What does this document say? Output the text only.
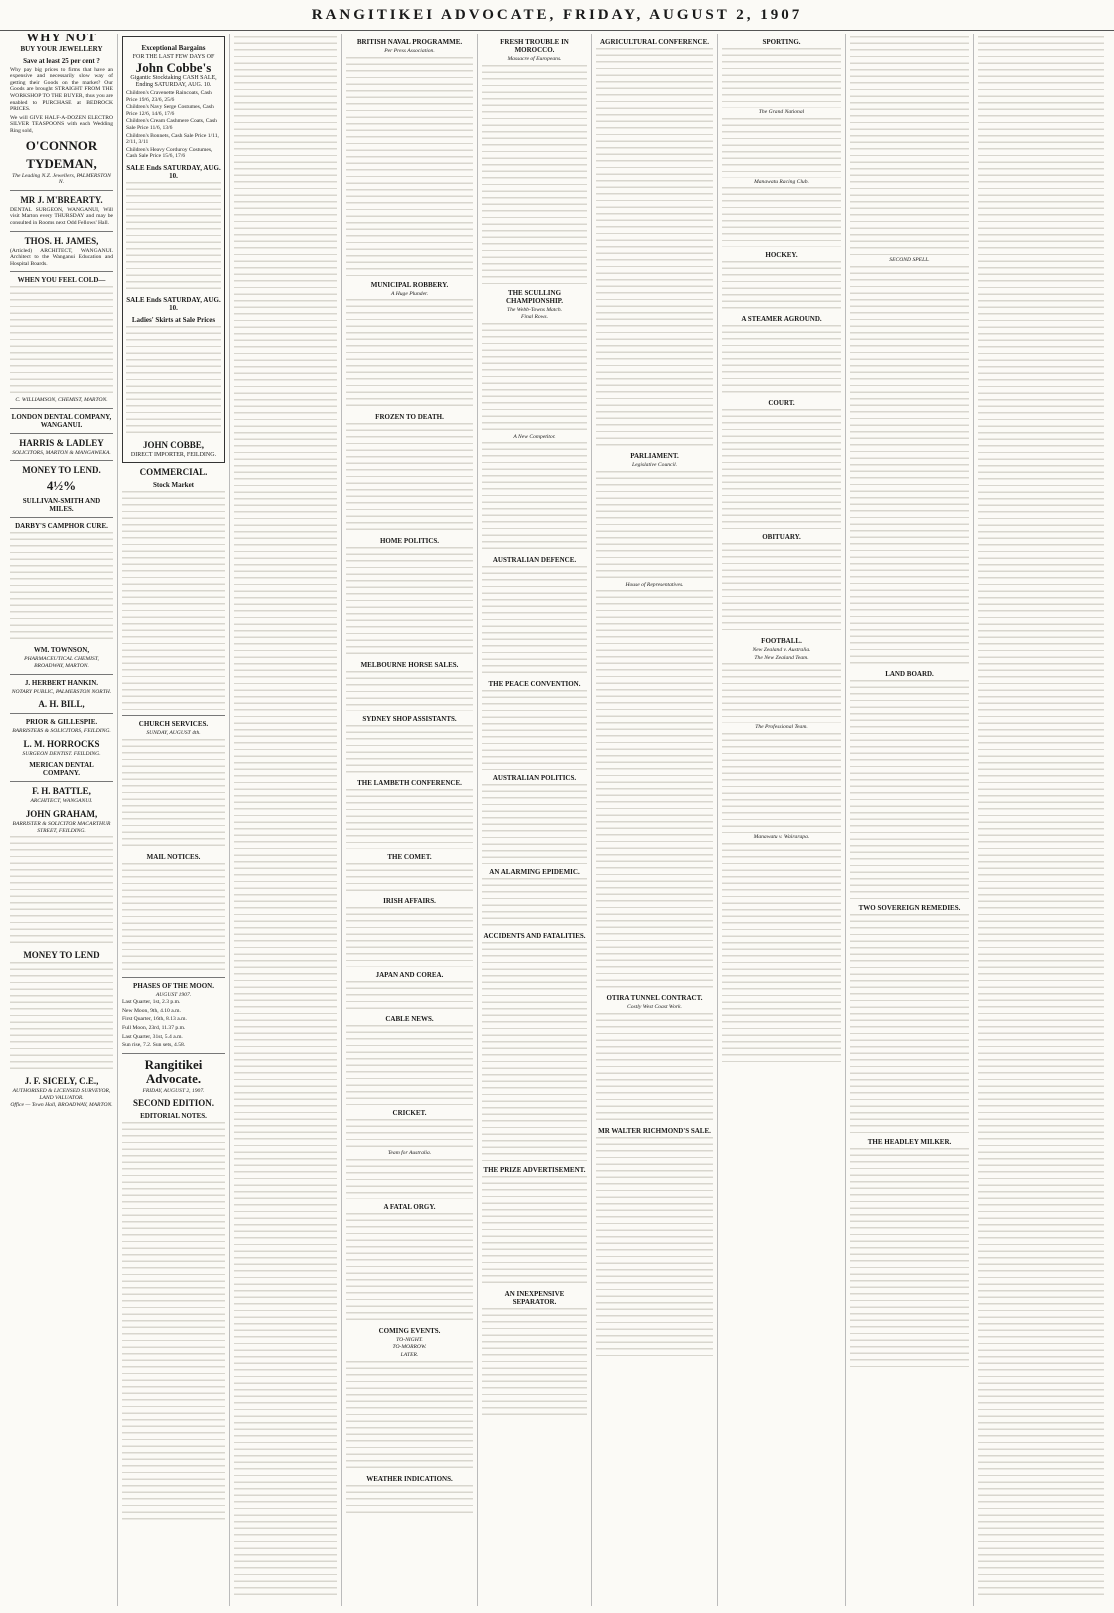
RANGITIKEI ADVOCATE, FRIDAY, AUGUST 2, 1907
WHY NOT
BUY YOUR JEWELLERY
Save at least 25 per cent ?
Why pay big prices to firms that have an expensive and necessarily slow way of getting their Goods on the market? Our Goods are brought STRAIGHT FROM THE WORKSHOP TO THE BUYER, thus you are enabled to PURCHASE at BEDROCK PRICES.
We will GIVE HALF-A-DOZEN ELECTRO SILVER TEASPOONS with each Wedding Ring sold,
O'CONNOR
TYDEMAN,
The Leading N.Z. Jewellers, PALMERSTON N.
MR J. M'BREARTY.
DENTAL SURGEON, WANGANUI, Will visit Marton every THURSDAY and may be consulted in Rooms next Odd Fellows' Hall.
THOS. H. JAMES,
(Articled) ARCHITECT, WANGANUI. Architect to the Wanganui Education and Hospital Boards.
WHEN YOU FEEL COLD—
C. WILLIAMSON, CHEMIST, MARTON.
LONDON DENTAL COMPANY, WANGANUI.
HARRIS & LADLEY
SOLICITORS, MARTON & MANGAWEKA.
MONEY TO LEND.
4½%
SULLIVAN-SMITH AND MILES.
DARBY'S CAMPHOR CURE.
WM. TOWNSON,
PHARMACEUTICAL CHEMIST, BROADWAY, MARTON.
J. HERBERT HANKIN.
NOTARY PUBLIC, PALMERSTON NORTH.
A. H. BILL,
PRIOR & GILLESPIE.
BARRISTERS & SOLICITORS, FEILDING.
L. M. HORROCKS
SURGEON DENTIST. FEILDING.
MERICAN DENTAL COMPANY.
F. H. BATTLE,
ARCHITECT, WANGANUI.
JOHN GRAHAM,
BARRISTER & SOLICITOR MACARTHUR STREET, FEILDING.
MONEY TO LEND
J. F. SICELY, C.E.,
AUTHORISED & LICENSED SURVEYOR, LAND VALUATOR.
Office — Town Hall, BROADWAY, MARTON.
Exceptional Bargains
FOR THE LAST FEW DAYS OF
John Cobbe's
Gigantic Stocktaking CASH SALE,
Ending SATURDAY, AUG. 10.
Children's Cravenette Raincoats, Cash Price 19/6, 23/6, 25/6
Children's Navy Serge Costumes, Cash Price 12/6, 14/6, 17/6
Children's Cream Cashmere Coats, Cash Sale Price 11/6, 13/6
Children's Bonnets, Cash Sale Price 1/11, 2/11, 3/11
Children's Heavy Corduroy Costumes, Cash Sale Price 15/6, 17/6
SALE Ends SATURDAY, AUG. 10.
SALE Ends SATURDAY, AUG. 10.
Ladies' Skirts at Sale Prices
JOHN COBBE,
DIRECT IMPORTER, FEILDING.
COMMERCIAL.
Stock Market
CHURCH SERVICES.
SUNDAY, AUGUST 4th.
MAIL NOTICES.
PHASES OF THE MOON.
AUGUST 1907.
Last Quarter, 1st, 2.3 p.m.
New Moon, 9th, 4.10 a.m.
First Quarter, 16th, 8.13 a.m.
Full Moon, 23rd, 11.37 p.m.
Last Quarter, 31st, 5.4 a.m.
Sun rise, 7.2. Sun sets, 4.58.
Rangitikei Advocate.
FRIDAY, AUGUST 2, 1907.
SECOND EDITION.
EDITORIAL NOTES.
BRITISH NAVAL PROGRAMME.
Per Press Association.
MUNICIPAL ROBBERY.
A Huge Plunder.
FROZEN TO DEATH.
HOME POLITICS.
MELBOURNE HORSE SALES.
SYDNEY SHOP ASSISTANTS.
THE LAMBETH CONFERENCE.
THE COMET.
IRISH AFFAIRS.
JAPAN AND COREA.
CABLE NEWS.
CRICKET.
Team for Australia.
A FATAL ORGY.
COMING EVENTS.
TO-NIGHT.
TO-MORROW.
LATER.
WEATHER INDICATIONS.
FRESH TROUBLE IN MOROCCO.
Massacre of Europeans.
THE SCULLING CHAMPIONSHIP.
The Webb-Towns Match.
Final Rows.
A New Competitor.
AUSTRALIAN DEFENCE.
THE PEACE CONVENTION.
AUSTRALIAN POLITICS.
AN ALARMING EPIDEMIC.
ACCIDENTS AND FATALITIES.
THE PRIZE ADVERTISEMENT.
AN INEXPENSIVE SEPARATOR.
AGRICULTURAL CONFERENCE.
PARLIAMENT.
Legislative Council.
House of Representatives.
OTIRA TUNNEL CONTRACT.
Costly West Coast Work.
MR WALTER RICHMOND'S SALE.
SPORTING.
The Grand National
Manawatu Racing Club.
HOCKEY.
A STEAMER AGROUND.
COURT.
OBITUARY.
FOOTBALL.
New Zealand v. Australia.
The New Zealand Team.
The Professional Team.
Manawatu v. Wairarapa.
SECOND SPELL.
LAND BOARD.
TWO SOVEREIGN REMEDIES.
THE HEADLEY MILKER.
